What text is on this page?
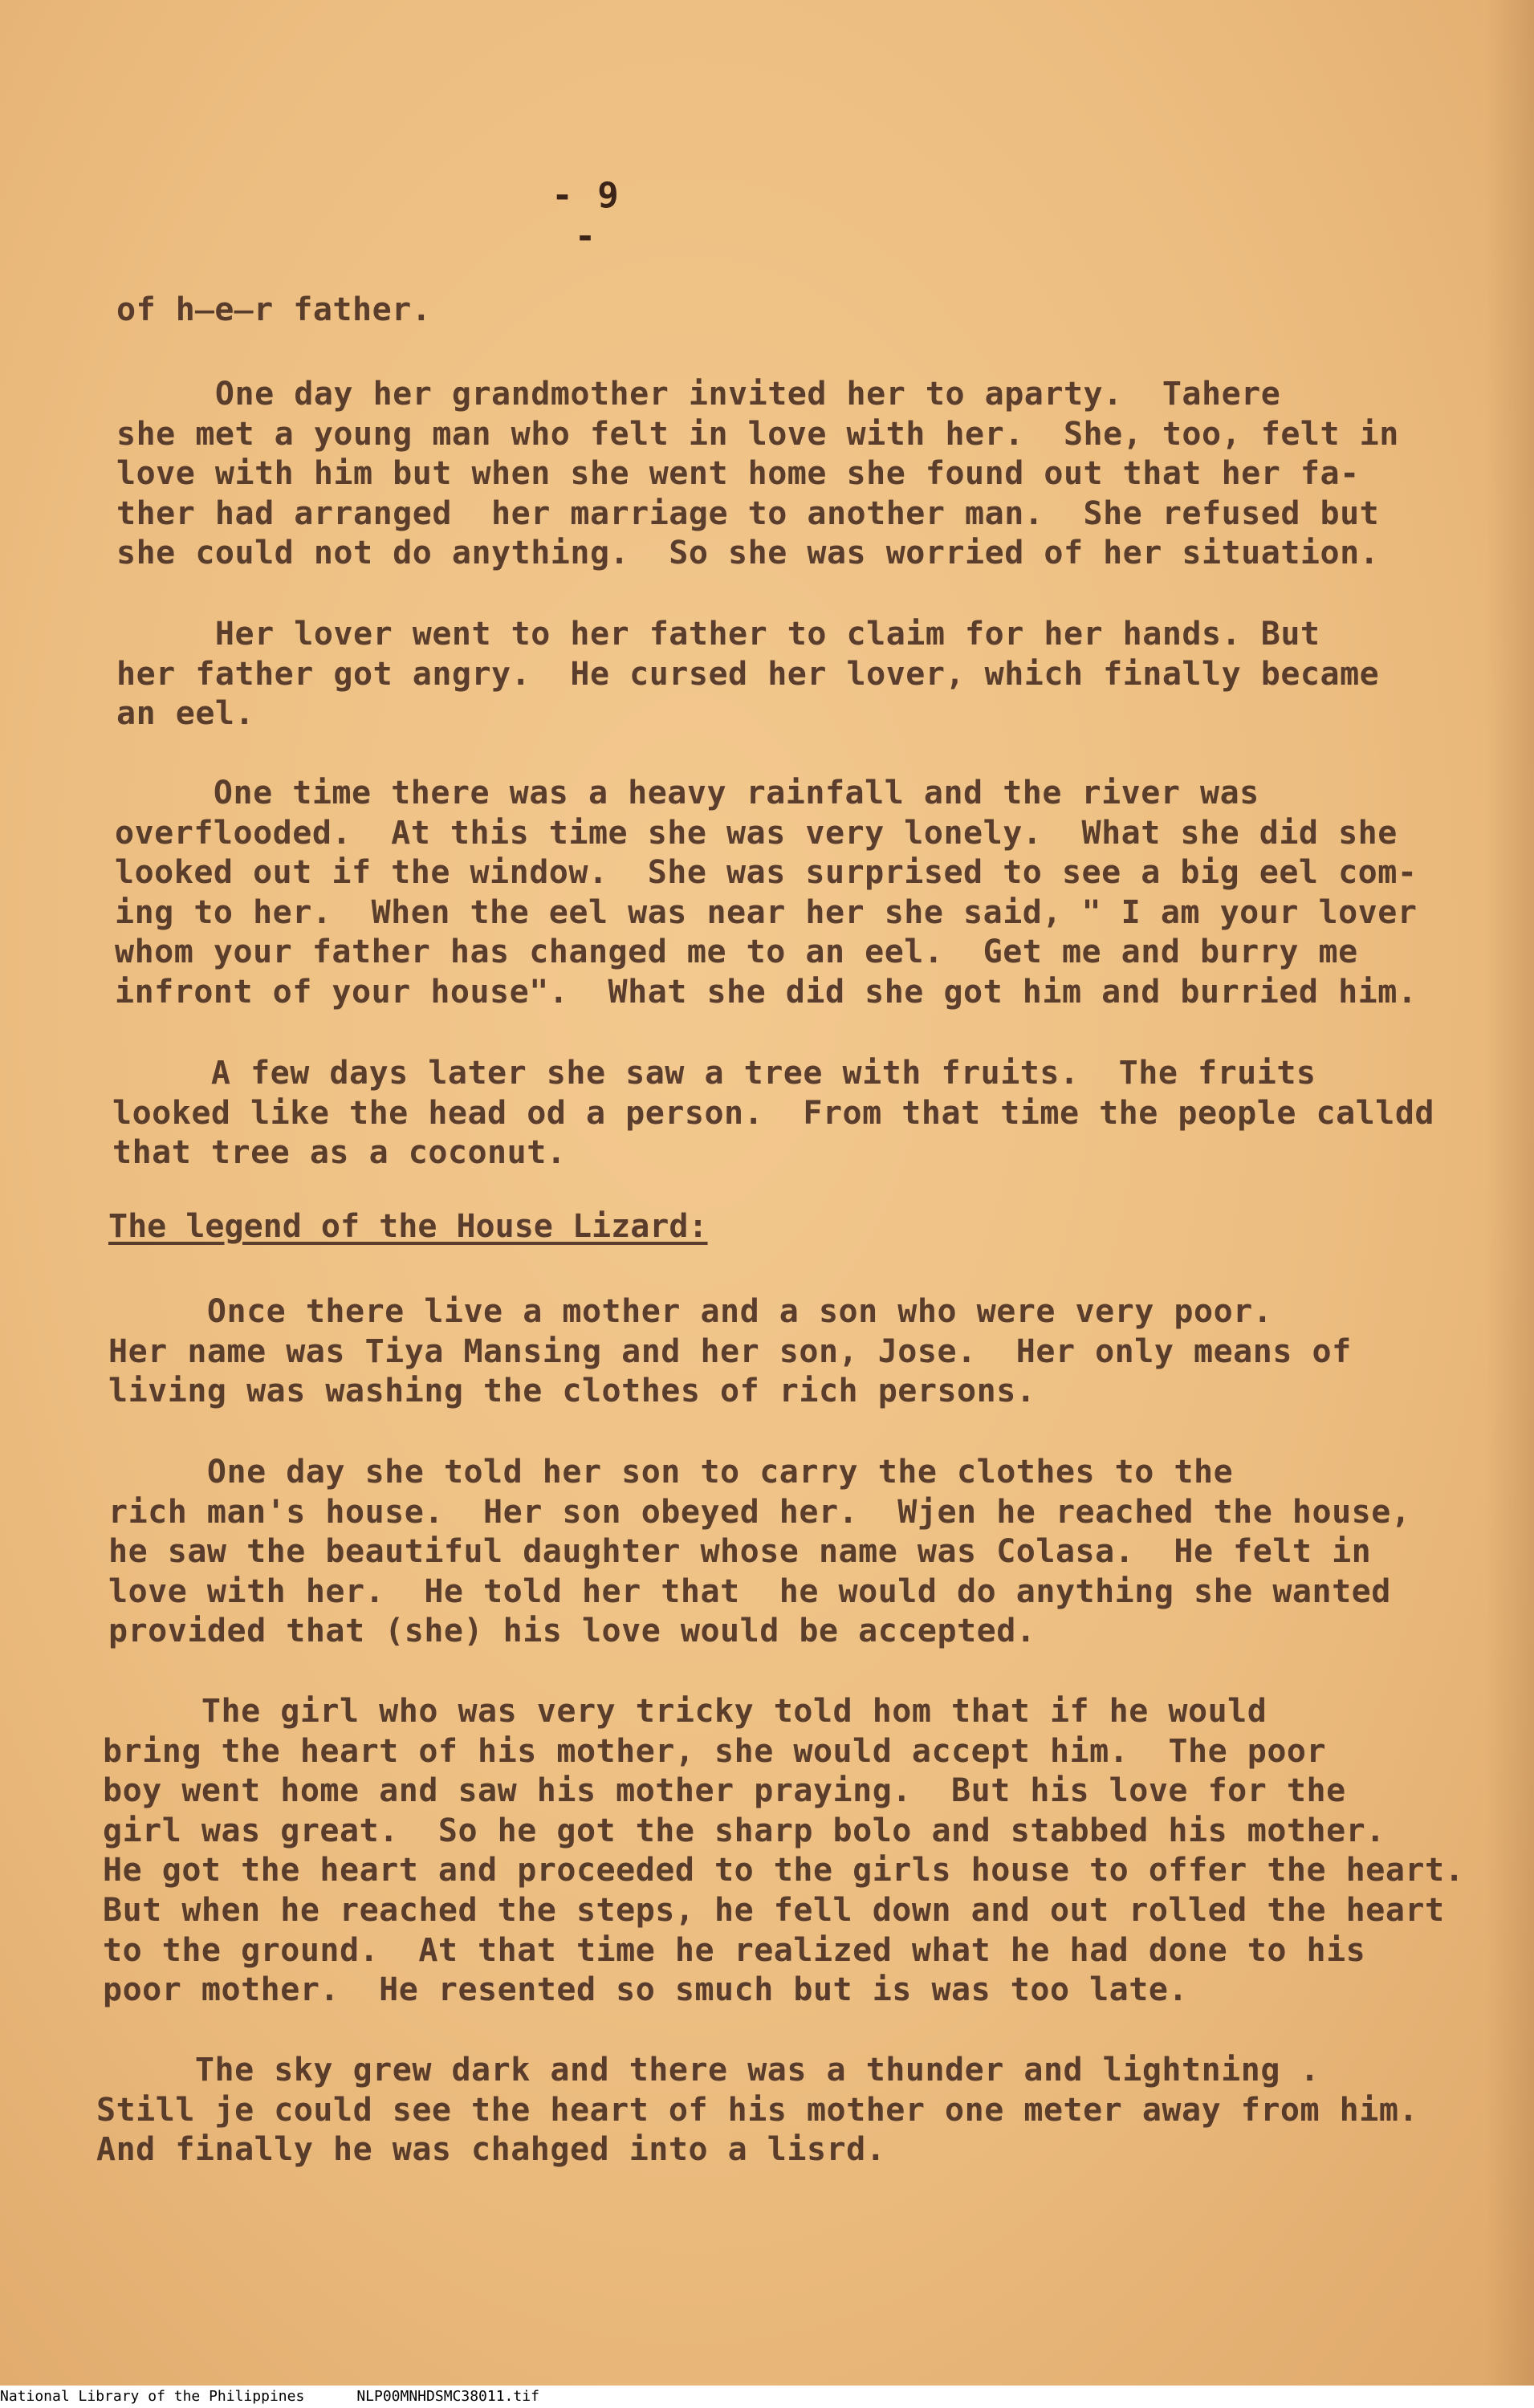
- 9 -

of h̶e̶r father.

One day her grandmother invited her to aparty.  Tahere
she met a young man who felt in love with her.  She, too, felt in
love with him but when she went home she found out that her fa-
ther had arranged  her marriage to another man.  She refused but
she could not do anything.  So she was worried of her situation.

Her lover went to her father to claim for her hands. But
her father got angry.  He cursed her lover, which finally became
an eel.

One time there was a heavy rainfall and the river was
overflooded.  At this time she was very lonely.  What she did she
looked out if the window.  She was surprised to see a big eel com-
ing to her.  When the eel was near her she said, " I am your lover
whom your father has changed me to an eel.  Get me and burry me
infront of your house".  What she did she got him and burried him.

A few days later she saw a tree with fruits.  The fruits
looked like the head od a person.  From that time the people calldd
that tree as a coconut.

The legend of the House Lizard:

Once there live a mother and a son who were very poor.
Her name was Tiya Mansing and her son, Jose.  Her only means of
living was washing the clothes of rich persons.

One day she told her son to carry the clothes to the
rich man's house.  Her son obeyed her.  Wjen he reached the house,
he saw the beautiful daughter whose name was Colasa.  He felt in
love with her.  He told her that  he would do anything she wanted
provided that (she) his love would be accepted.

The girl who was very tricky told hom that if he would
bring the heart of his mother, she would accept him.  The poor
boy went home and saw his mother praying.  But his love for the
girl was great.  So he got the sharp bolo and stabbed his mother.
He got the heart and proceeded to the girls house to offer the heart.
But when he reached the steps, he fell down and out rolled the heart
to the ground.  At that time he realized what he had done to his
poor mother.  He resented so smuch but is was too late.

The sky grew dark and there was a thunder and lightning .
Still je could see the heart of his mother one meter away from him.
And finally he was chahged into a lisrd.

National Library of the Philippines	NLP00MNHDSMC38011.tif
